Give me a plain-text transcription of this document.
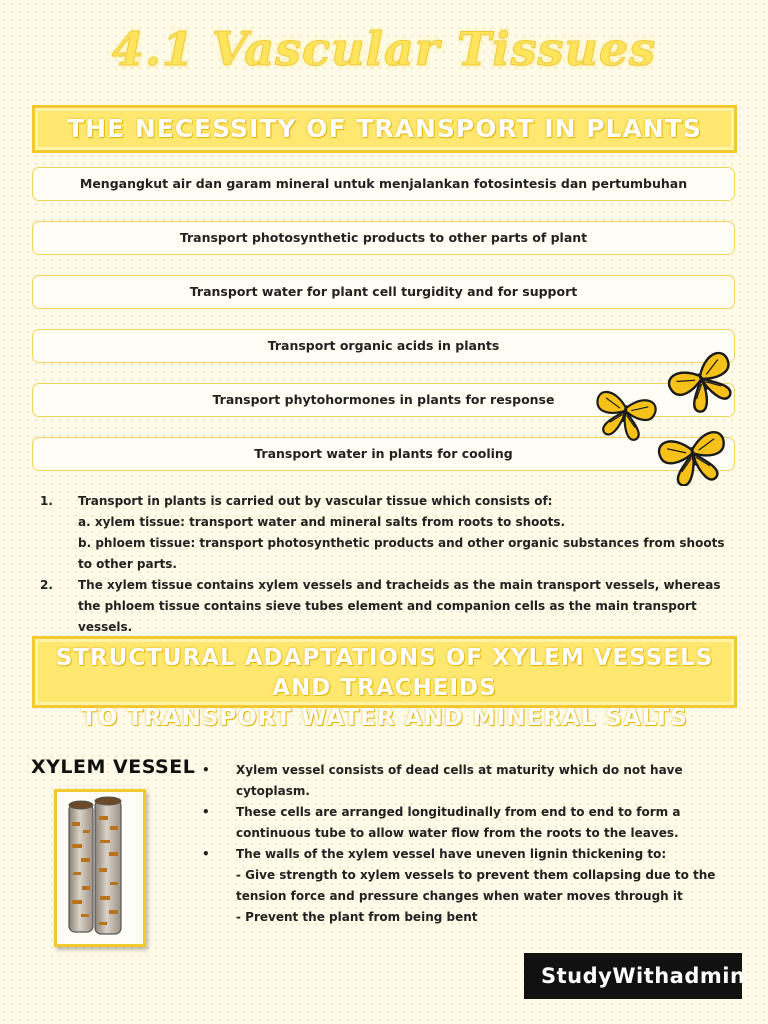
4.1 Vascular Tissues
THE NECESSITY OF TRANSPORT IN PLANTS
Mengangkut air dan garam mineral untuk menjalankan fotosintesis dan pertumbuhan
Transport photosynthetic products to other parts of plant
Transport water for plant cell turgidity and for support
Transport organic acids in plants
Transport phytohormones in plants for response
Transport water in plants for cooling
1. Transport in plants is carried out by vascular tissue which consists of:
a. xylem tissue: transport water and mineral salts from roots to shoots.
b. phloem tissue: transport photosynthetic products and other organic substances from shoots to other parts.
2. The xylem tissue contains xylem vessels and tracheids as the main transport vessels, whereas the phloem tissue contains sieve tubes element and companion cells as the main transport vessels.
STRUCTURAL ADAPTATIONS OF XYLEM VESSELS AND TRACHEIDS
TO TRANSPORT WATER AND MINERAL SALTS
XYLEM VESSEL • Xylem vessel consists of dead cells at maturity which do not have cytoplasm.
• These cells are arranged longitudinally from end to end to form a continuous tube to allow water flow from the roots to the leaves.
• The walls of the xylem vessel have uneven lignin thickening to:
- Give strength to xylem vessels to prevent them collapsing due to the tension force and pressure changes when water moves through it
- Prevent the plant from being bent
StudyWithadmin
